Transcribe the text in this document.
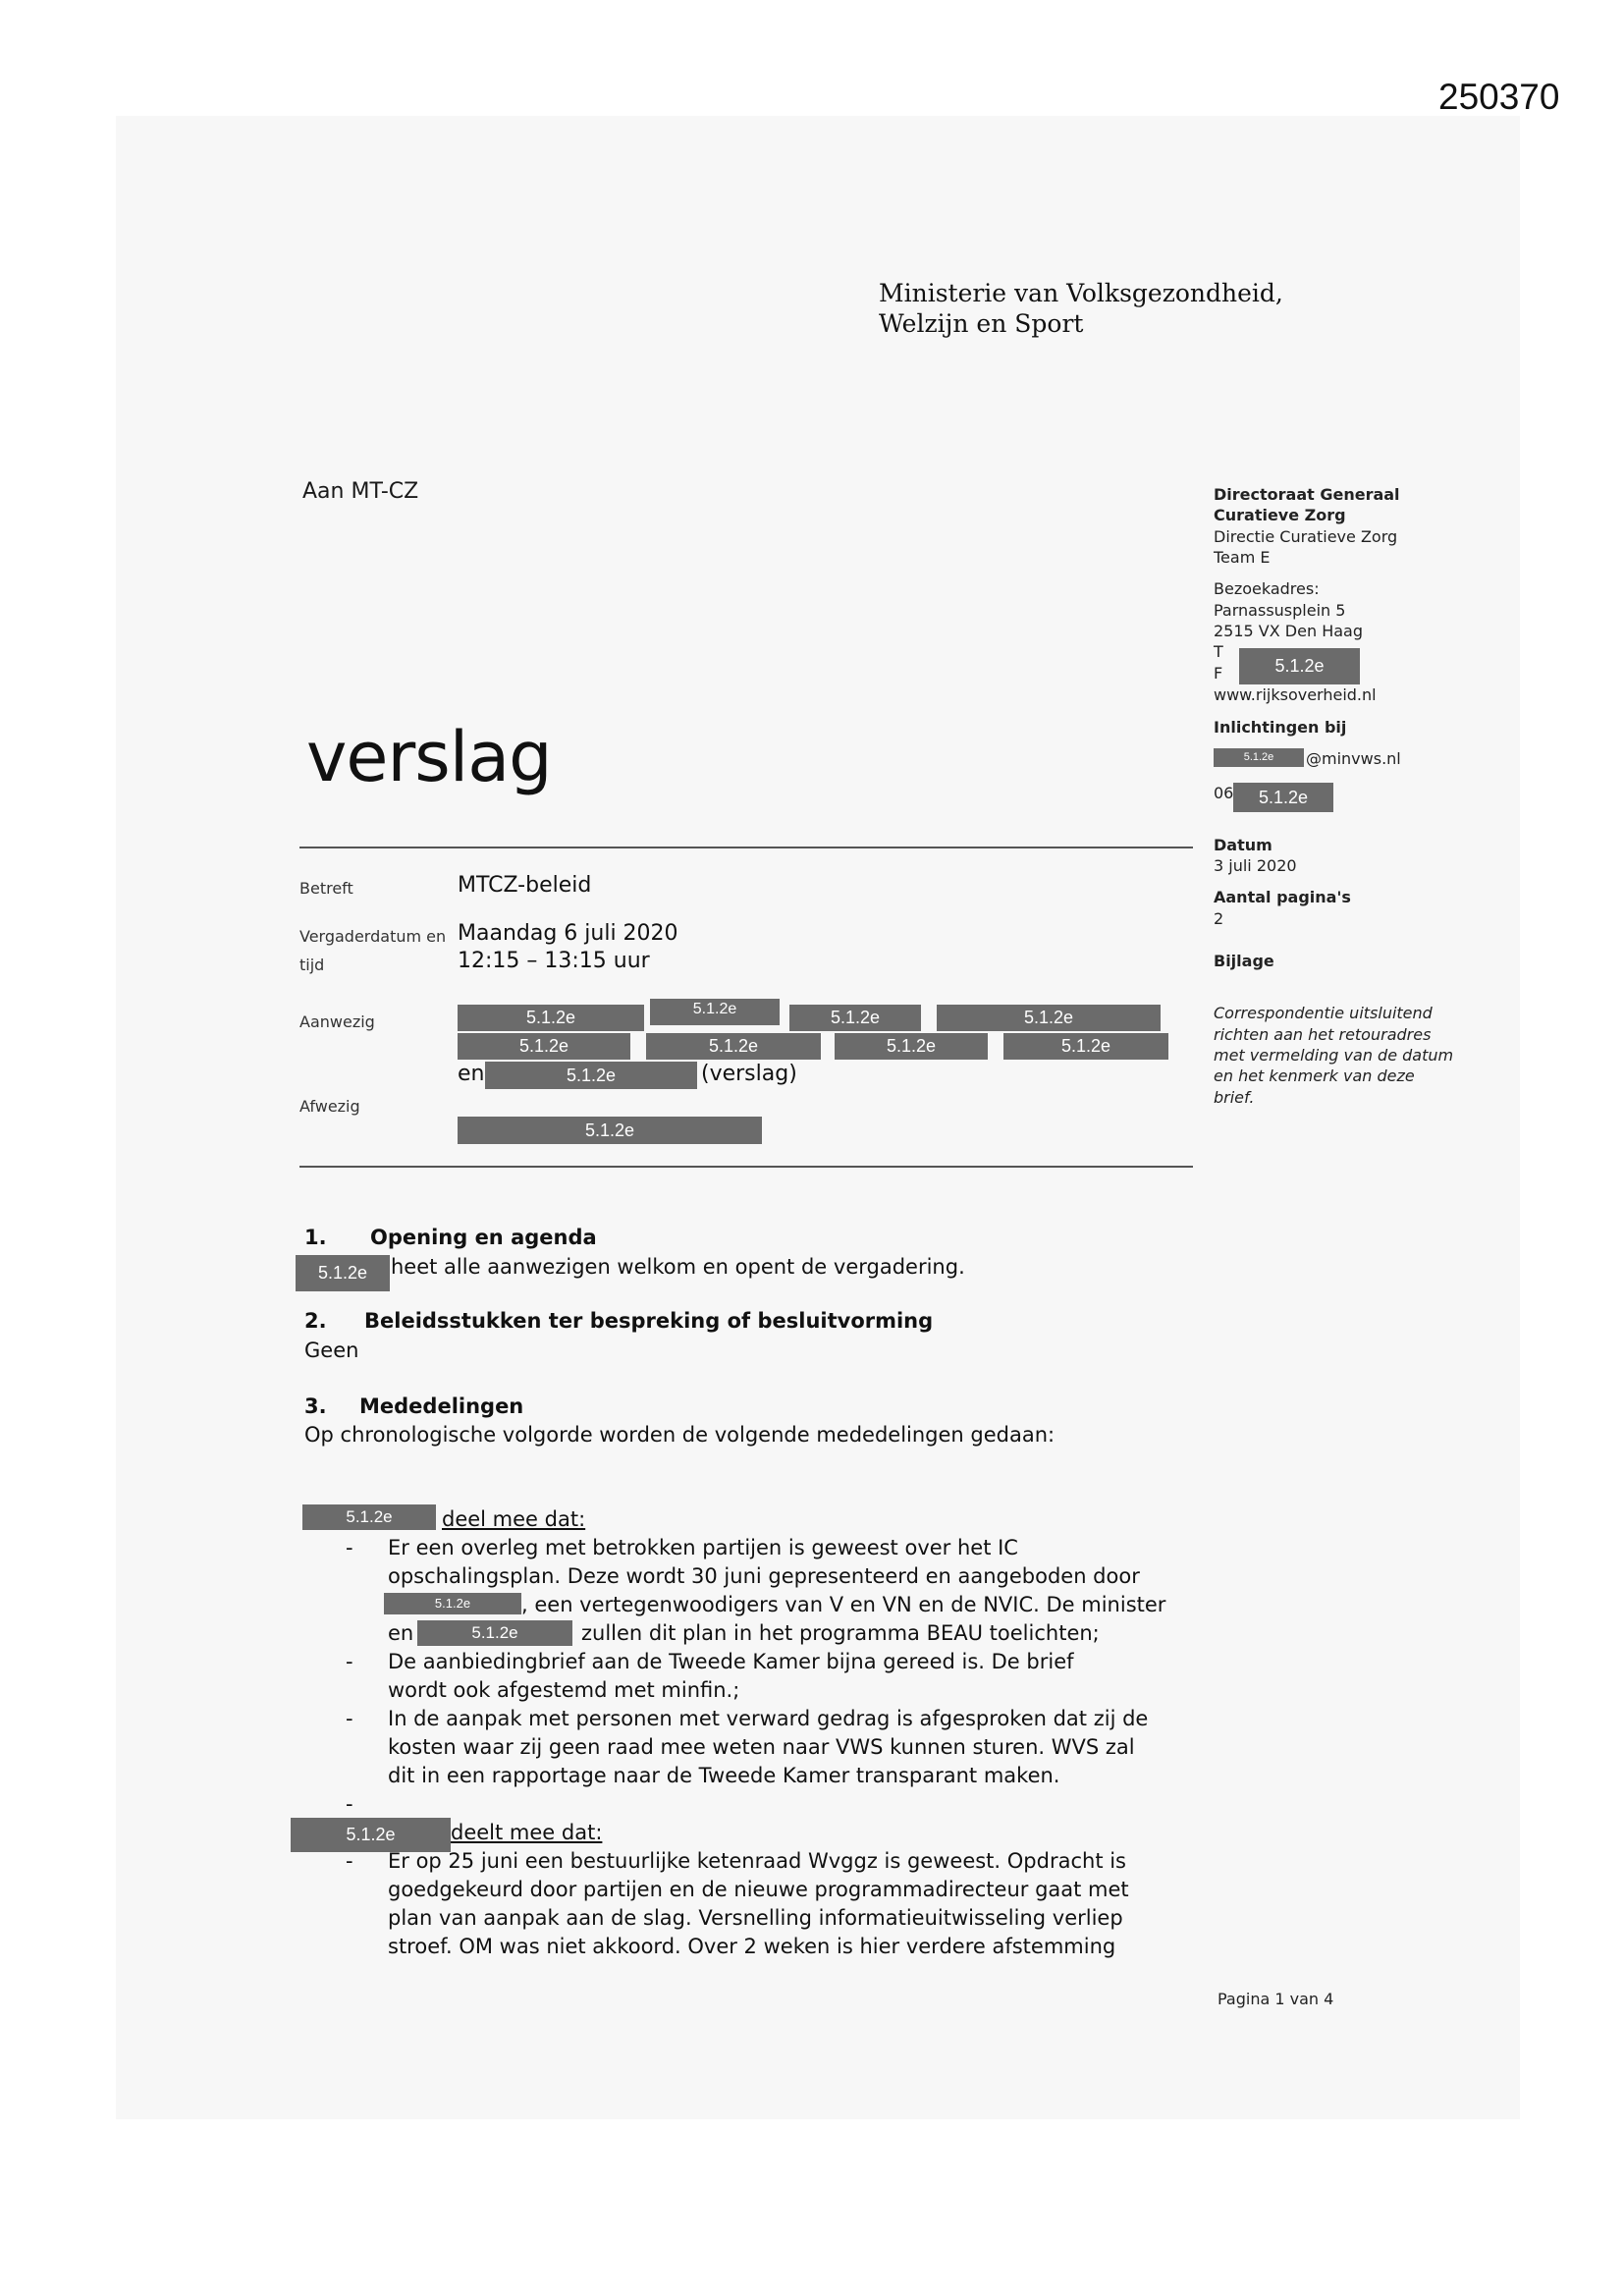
250370
Ministerie van Volksgezondheid,
Welzijn en Sport
Aan MT-CZ	Directoraat Generaal
Curatieve Zorg
Directie Curatieve Zorg
Team E
Bezoekadres:
Parnassusplein 5
2515 VX Den Haag
T
F	5.1.2e
www.rijksoverheid.nl
Inlichtingen bij
5.1.2e	@minvws.nl
06	5.1.2e
Datum
3 juli 2020
Aantal pagina's
2
Bijlage
Correspondentie uitsluitend
richten aan het retouradres
met vermelding van de datum
en het kenmerk van deze
brief.
verslag
Betreft	MTCZ-beleid
Vergaderdatum en
tijd
Maandag 6 juli 2020
12:15 – 13:15 uur
Aanwezig	5.1.2e	5.1.2e	5.1.2e	5.1.2e
5.1.2e	5.1.2e	5.1.2e	5.1.2e
en	5.1.2e	(verslag)
Afwezig
5.1.2e
1. Opening en agenda
5.1.2e	heet alle aanwezigen welkom en opent de vergadering.
2. Beleidsstukken ter bespreking of besluitvorming
Geen
3. Mededelingen
Op chronologische volgorde worden de volgende mededelingen gedaan:
5.1.2e	deel mee dat:
- Er een overleg met betrokken partijen is geweest over het IC
opschalingsplan. Deze wordt 30 juni gepresenteerd en aangeboden door
5.1.2e	, een vertegenwoodigers van V en VN en de NVIC. De minister
en	5.1.2e	zullen dit plan in het programma BEAU toelichten;
- De aanbiedingbrief aan de Tweede Kamer bijna gereed is. De brief
wordt ook afgestemd met minfin.;
- In de aanpak met personen met verward gedrag is afgesproken dat zij de
kosten waar zij geen raad mee weten naar VWS kunnen sturen. WVS zal
dit in een rapportage naar de Tweede Kamer transparant maken.
-
5.1.2e	deelt mee dat:
- Er op 25 juni een bestuurlijke ketenraad Wvggz is geweest. Opdracht is
goedgekeurd door partijen en de nieuwe programmadirecteur gaat met
plan van aanpak aan de slag. Versnelling informatieuitwisseling verliep
stroef. OM was niet akkoord. Over 2 weken is hier verdere afstemming
Pagina 1 van 4
